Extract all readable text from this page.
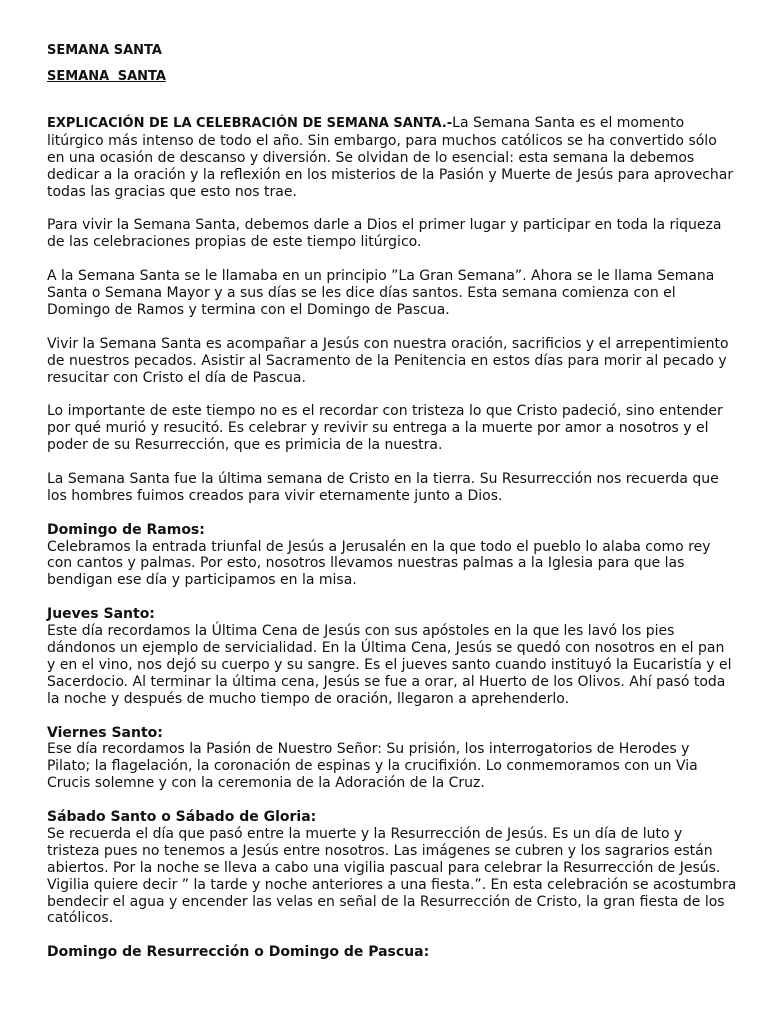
SEMANA SANTA
SEMANA SANTA

EXPLICACIÓN DE LA CELEBRACIÓN DE SEMANA SANTA.-La Semana Santa es el momento litúrgico más intenso de todo el año. Sin embargo, para muchos católicos se ha convertido sólo en una ocasión de descanso y diversión. Se olvidan de lo esencial: esta semana la debemos dedicar a la oración y la reflexión en los misterios de la Pasión y Muerte de Jesús para aprovechar todas las gracias que esto nos trae.

Para vivir la Semana Santa, debemos darle a Dios el primer lugar y participar en toda la riqueza de las celebraciones propias de este tiempo litúrgico.

A la Semana Santa se le llamaba en un principio ”La Gran Semana”. Ahora se le llama Semana Santa o Semana Mayor y a sus días se les dice días santos. Esta semana comienza con el Domingo de Ramos y termina con el Domingo de Pascua.

Vivir la Semana Santa es acompañar a Jesús con nuestra oración, sacrificios y el arrepentimiento de nuestros pecados. Asistir al Sacramento de la Penitencia en estos días para morir al pecado y resucitar con Cristo el día de Pascua.

Lo importante de este tiempo no es el recordar con tristeza lo que Cristo padeció, sino entender por qué murió y resucitó. Es celebrar y revivir su entrega a la muerte por amor a nosotros y el poder de su Resurrección, que es primicia de la nuestra.

La Semana Santa fue la última semana de Cristo en la tierra. Su Resurrección nos recuerda que los hombres fuimos creados para vivir eternamente junto a Dios.

Domingo de Ramos:
Celebramos la entrada triunfal de Jesús a Jerusalén en la que todo el pueblo lo alaba como rey con cantos y palmas. Por esto, nosotros llevamos nuestras palmas a la Iglesia para que las bendigan ese día y participamos en la misa.

Jueves Santo:
Este día recordamos la Última Cena de Jesús con sus apóstoles en la que les lavó los pies dándonos un ejemplo de servicialidad. En la Última Cena, Jesús se quedó con nosotros en el pan y en el vino, nos dejó su cuerpo y su sangre. Es el jueves santo cuando instituyó la Eucaristía y el Sacerdocio. Al terminar la última cena, Jesús se fue a orar, al Huerto de los Olivos. Ahí pasó toda la noche y después de mucho tiempo de oración, llegaron a aprehenderlo.

Viernes Santo:
Ese día recordamos la Pasión de Nuestro Señor: Su prisión, los interrogatorios de Herodes y Pilato; la flagelación, la coronación de espinas y la crucifixión. Lo conmemoramos con un Via Crucis solemne y con la ceremonia de la Adoración de la Cruz.

Sábado Santo o Sábado de Gloria:
Se recuerda el día que pasó entre la muerte y la Resurrección de Jesús. Es un día de luto y tristeza pues no tenemos a Jesús entre nosotros. Las imágenes se cubren y los sagrarios están abiertos. Por la noche se lleva a cabo una vigilia pascual para celebrar la Resurrección de Jesús. Vigilia quiere decir ” la tarde y noche anteriores a una fiesta.”. En esta celebración se acostumbra bendecir el agua y encender las velas en señal de la Resurrección de Cristo, la gran fiesta de los católicos.

Domingo de Resurrección o Domingo de Pascua:
